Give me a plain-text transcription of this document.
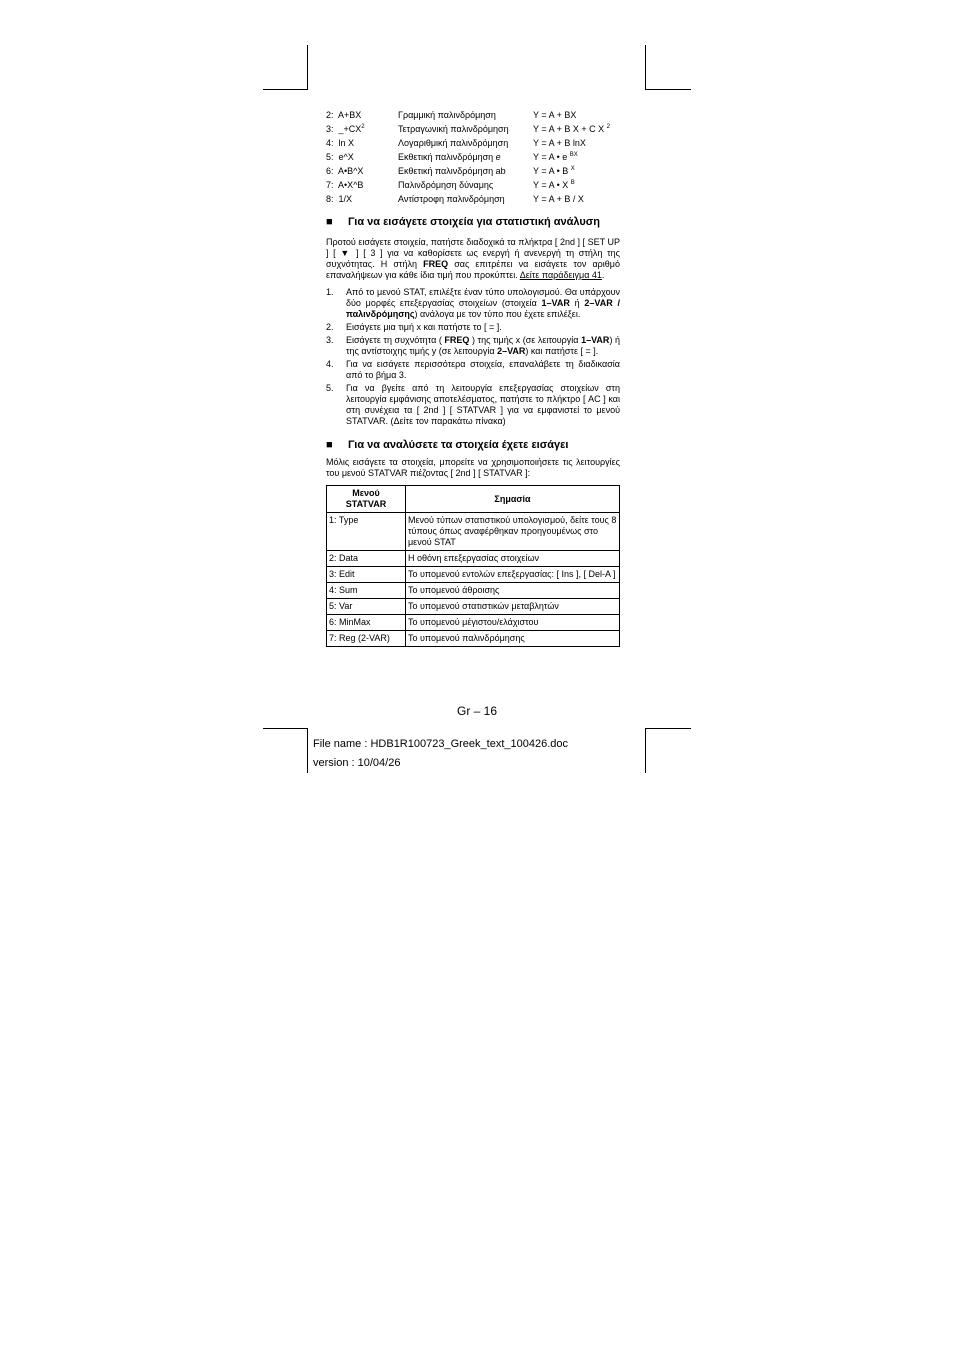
2: A+BX	Γραμμική παλινδρόμηση	Y = A + BX
3: $\_+CX^2$	Τετραγωνική παλινδρόμηση	Y = A + B X + C X $^2$
4: ln X	Λογαριθμική παλινδρόμηση	Y = A + B lnX
5: e^X	Εκθετική παλινδρόμηση e	Y = A • e $^{BX}$
6: A•B^X	Εκθετική παλινδρόμηση ab	Y = A • B $^X$
7: A•X^B	Παλινδρόμηση δύναμης	Y = A • X $^B$
8: 1/X	Αντίστροφη παλινδρόμηση	Y = A + B / X
■	Για να εισάγετε στοιχεία για στατιστική ανάλυση
Προτού εισάγετε στοιχεία, πατήστε διαδοχικά τα πλήκτρα [ 2nd ] [ SET UP ] [ ▼ ] [ 3 ] για να καθορίσετε ως ενεργή ή ανενεργή τη στήλη της συχνότητας. Η στήλη FREQ σας επιτρέπει να εισάγετε τον αριθμό επαναλήψεων για κάθε ίδια τιμή που προκύπτει. Δείτε παράδειγμα 41.
1.	Από το μενού STAT, επιλέξτε έναν τύπο υπολογισμού. Θα υπάρχουν δύο μορφές επεξεργασίας στοιχείων (στοιχεία 1–VAR ή 2–VAR / παλινδρόμησης) ανάλογα με τον τύπο που έχετε επιλέξει.
2.	Εισάγετε μια τιμή x και πατήστε το [ = ].
3.	Εισάγετε τη συχνότητα ( FREQ ) της τιμής x (σε λειτουργία 1–VAR) ή της αντίστοιχης τιμής y (σε λειτουργία 2–VAR) και πατήστε [ = ].
4.	Για να εισάγετε περισσότερα στοιχεία, επαναλάβετε τη διαδικασία από το βήμα 3.
5.	Για να βγείτε από τη λειτουργία επεξεργασίας στοιχείων στη λειτουργία εμφάνισης αποτελέσματος, πατήστε το πλήκτρο [ AC ] και στη συνέχεια τα [ 2nd ] [ STATVAR ] για να εμφανιστεί το μενού STATVAR. (Δείτε τον παρακάτω πίνακα)
■	Για να αναλύσετε τα στοιχεία έχετε εισάγει
Μόλις εισάγετε τα στοιχεία, μπορείτε να χρησιμοποιήσετε τις λειτουργίες του μενού STATVAR πιέζοντας [ 2nd ] [ STATVAR ]:
Μενού
STATVAR	Σημασία
1: Type	Μενού τύπων στατιστικού υπολογισμού, δείτε τους 8 τύπους όπως αναφέρθηκαν προηγουμένως στο μενού STAT
2: Data	Η οθόνη επεξεργασίας στοιχείων
3: Edit	Το υπομενού εντολών επεξεργασίας: [ Ins ], [ Del-A ]
4: Sum	Το υπομενού άθροισης
5: Var	Το υπομενού στατιστικών μεταβλητών
6: MinMax	Το υπομενού μέγιστου/ελάχιστου
7: Reg (2-VAR)	Το υπομενού παλινδρόμησης
Gr – 16
File name : HDB1R100723_Greek_text_100426.doc
version : 10/04/26
